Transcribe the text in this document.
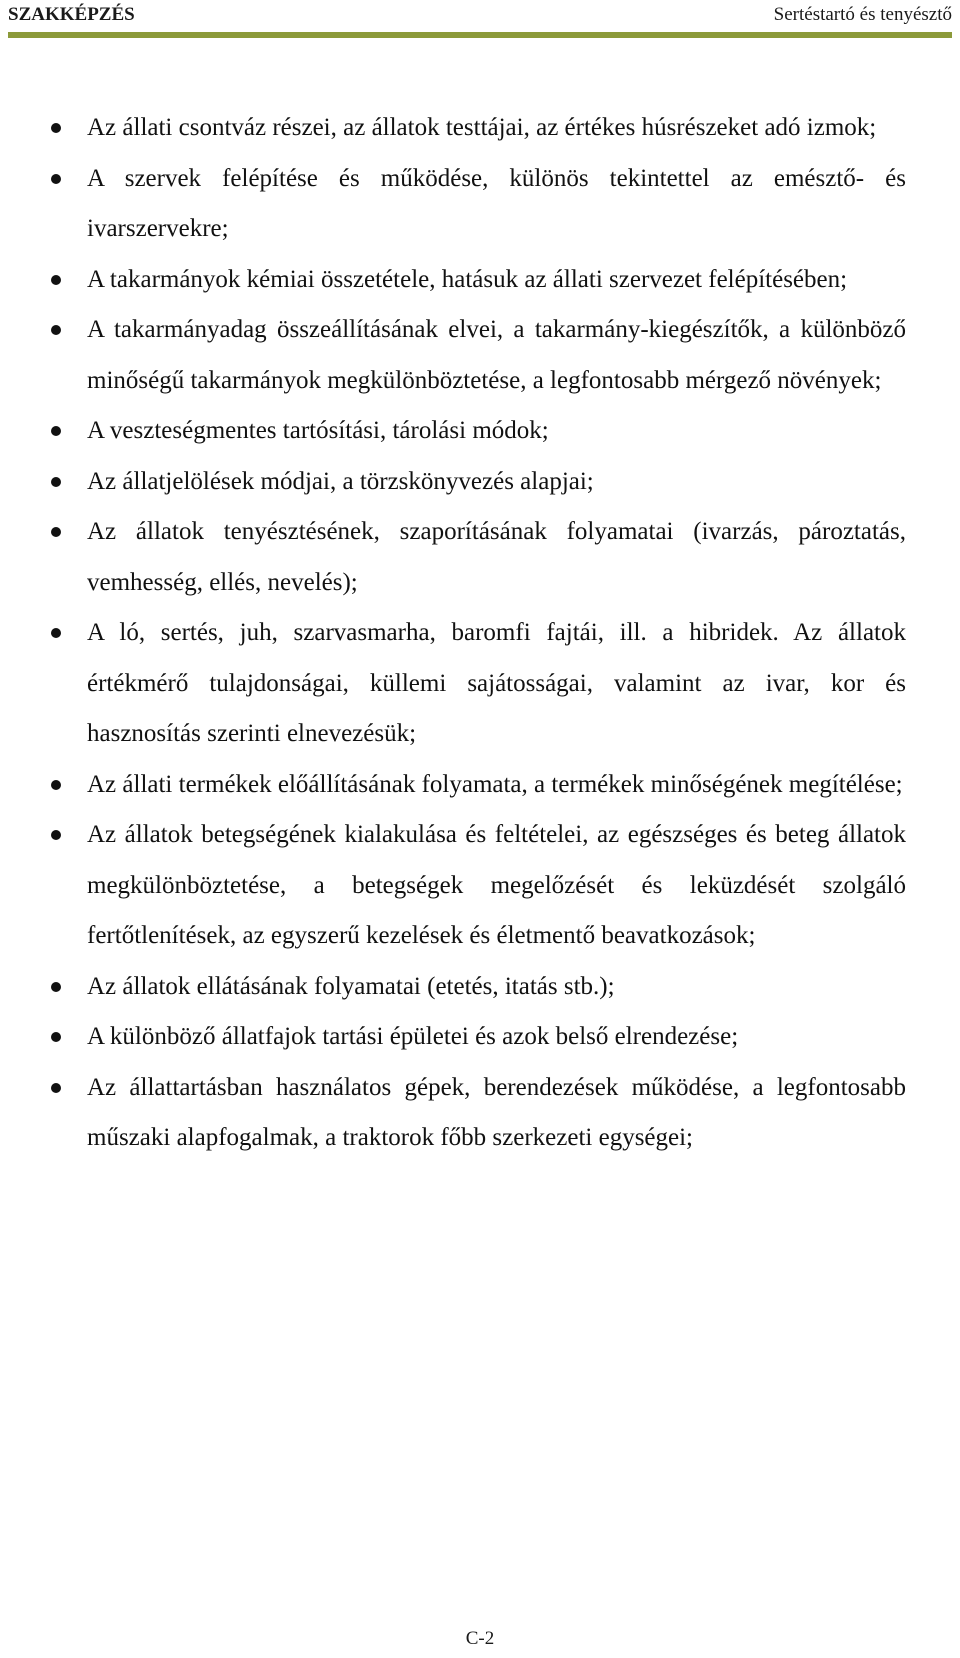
SZAKKÉPZÉS	Sertéstartó és tenyésztő
Az állati csontváz részei, az állatok testtájai, az értékes húsrészeket adó izmok;
A szervek felépítése és működése, különös tekintettel az emésztő- és ivarszervekre;
A takarmányok kémiai összetétele, hatásuk az állati szervezet felépítésében;
A takarmányadag összeállításának elvei, a takarmány-kiegészítők, a különböző minőségű takarmányok megkülönböztetése, a legfontosabb mérgező növények;
A veszteségmentes tartósítási, tárolási módok;
Az állatjelölések módjai, a törzskönyvezés alapjai;
Az állatok tenyésztésének, szaporításának folyamatai (ivarzás, pároztatás, vemhesség, ellés, nevelés);
A ló, sertés, juh, szarvasmarha, baromfi fajtái, ill. a hibridek. Az állatok értékmérő tulajdonságai, küllemi sajátosságai, valamint az ivar, kor és hasznosítás szerinti elnevezésük;
Az állati termékek előállításának folyamata, a termékek minőségének megítélése;
Az állatok betegségének kialakulása és feltételei, az egészséges és beteg állatok megkülönböztetése, a betegségek megelőzését és leküzdését szolgáló fertőtlenítések, az egyszerű kezelések és életmentő beavatkozások;
Az állatok ellátásának folyamatai (etetés, itatás stb.);
A különböző állatfajok tartási épületei és azok belső elrendezése;
Az állattartásban használatos gépek, berendezések működése, a legfontosabb műszaki alapfogalmak, a traktorok főbb szerkezeti egységei;
C-2
